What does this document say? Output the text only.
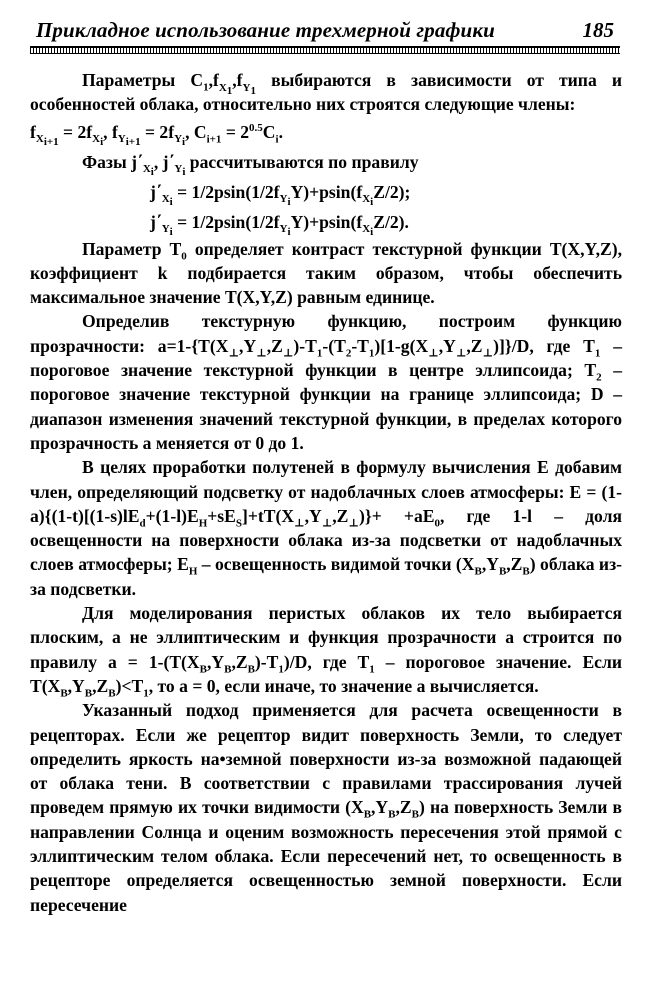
Прикладное использование трехмерной графики	185

Параметры $C_1,f_{X_1},f_{Y_1}$ выбираются в зависимости от типа и особенностей облака, относительно них строятся следующие члены:

$f_{X_{i+1}} = 2f_{X_i}$, $f_{Y_{i+1}} = 2f_{Y_i}$, $C_{i+1} = 2^{0.5}C_i$.

Фазы $j΄_{X_i}$, $j΄_{Y_i}$ рассчитываются по правилу

$j΄_{X_i} = 1/2psin(1/2f_{Y_i}Y)+psin(f_{X_i}Z/2)$;

$j΄_{Y_i} = 1/2psin(1/2f_{Y_i}Y)+psin(f_{X_i}Z/2)$.

Параметр $T_0$ определяет контраст текстурной функции T(X,Y,Z), коэффициент k подбирается таким образом, чтобы обеспечить максимальное значение T(X,Y,Z) равным единице.

Определив текстурную функцию, построим функцию прозрачности: $a=1-\{T(X_\perp,Y_\perp,Z_\perp)-T_1-(T_2-T_1)[1-g(X_\perp,Y_\perp,Z_\perp)]\}/D$, где $T_1$ – пороговое значение текстурной функции в центре эллипсоида; $T_2$ – пороговое значение текстурной функции на границе эллипсоида; D – диапазон изменения значений текстурной функции, в пределах которого прозрачность a меняется от 0 до 1.

В целях проработки полутеней в формулу вычисления E добавим член, определяющий подсветку от надоблачных слоев атмосферы: $E = (1-a)\{(1-t)[(1-s)lE_d+(1-l)E_H+sE_S]+tT(X_\perp,Y_\perp,Z_\perp)\}+ +aE_0$, где 1-l – доля освещенности на поверхности облака из-за подсветки от надоблачных слоев атмосферы; $E_H$ – освещенность видимой точки $(X_B,Y_B,Z_B)$ облака из-за подсветки.

Для моделирования перистых облаков их тело выбирается плоским, а не эллиптическим и функция прозрачности a строится по правилу $a = 1-(T(X_B,Y_B,Z_B)-T_1)/D$, где $T_1$ – пороговое значение. Если $T(X_B,Y_B,Z_B)<T_1$, то a = 0, если иначе, то значение a вычисляется.

Указанный подход применяется для расчета освещенности в рецепторах. Если же рецептор видит поверхность Земли, то следует определить яркость на•земной поверхности из-за возможной падающей от облака тени. В соответствии с правилами трассирования лучей проведем прямую их точки видимости $(X_B,Y_B,Z_B)$ на поверхность Земли в направлении Солнца и оценим возможность пересечения этой прямой с эллиптическим телом облака. Если пересечений нет, то освещенность в рецепторе определяется освещенностью земной поверхности. Если пересечение
